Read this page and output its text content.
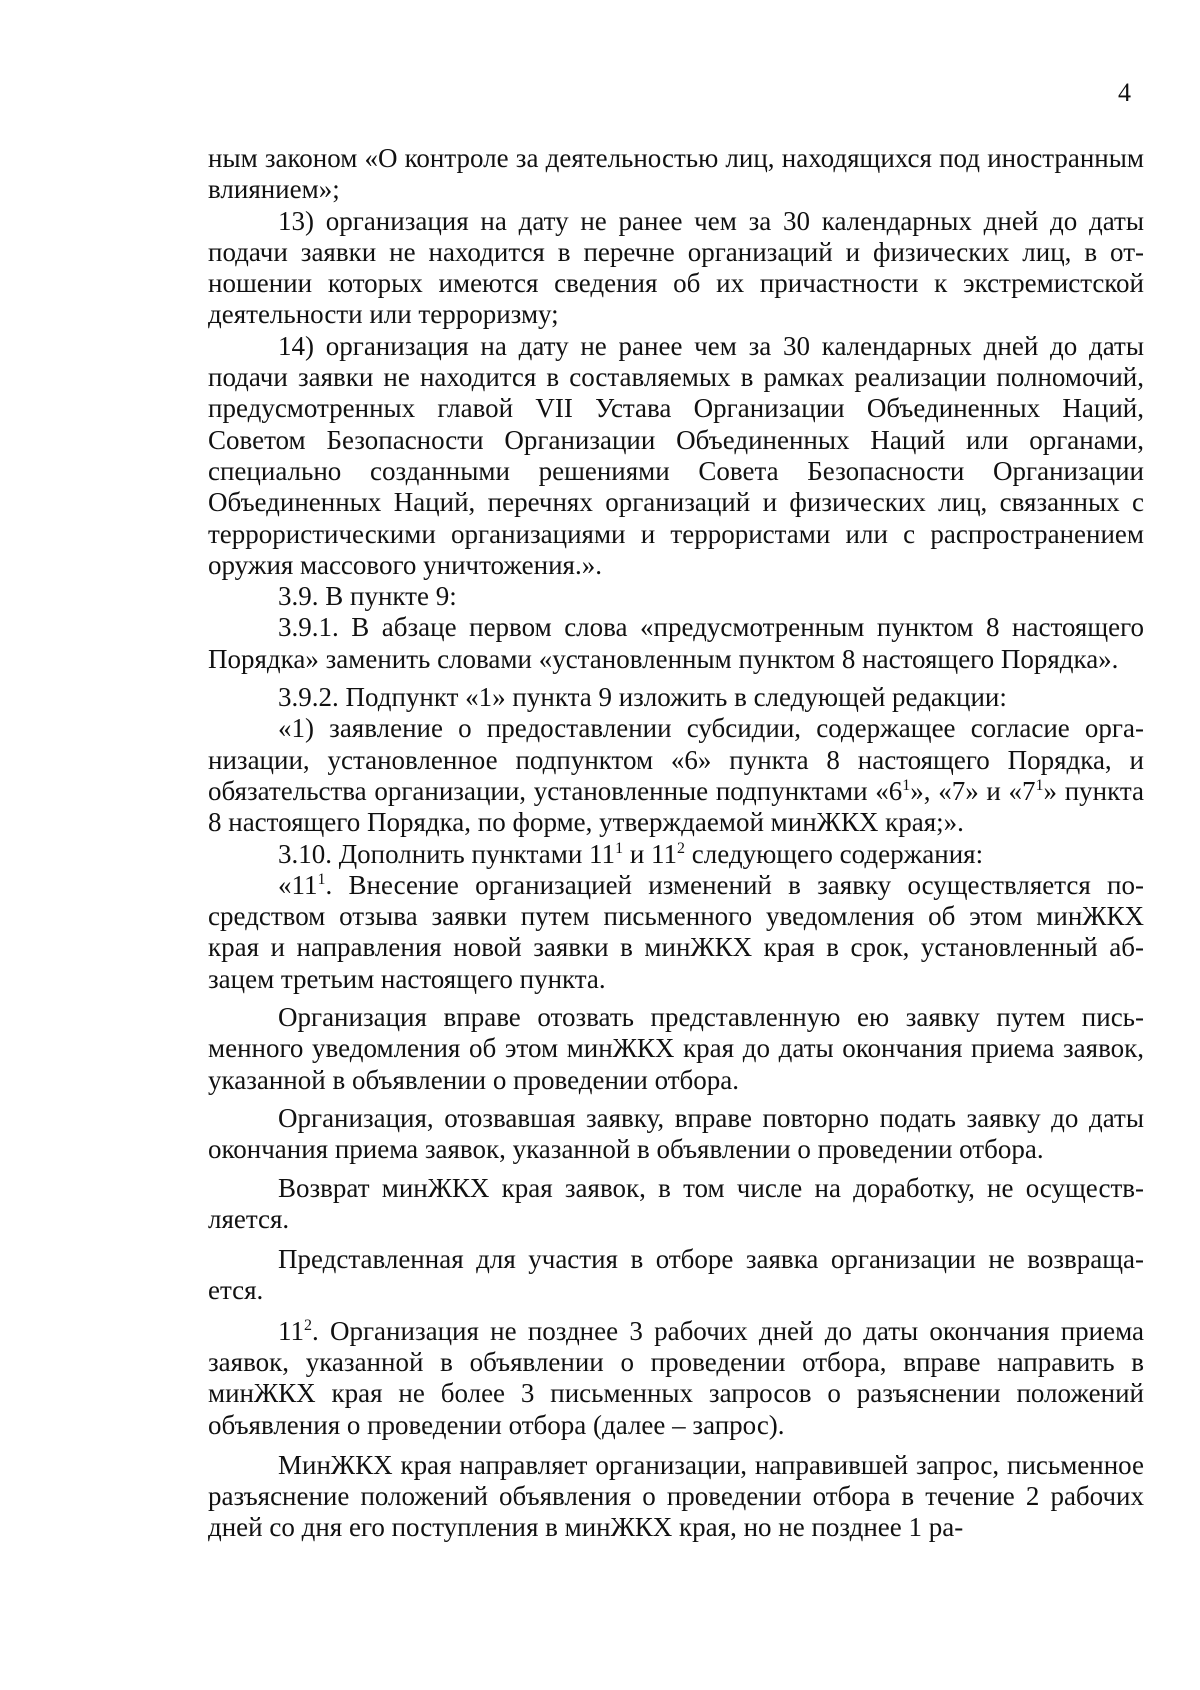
4

ным законом «О контроле за деятельностью лиц, находящихся под иностранным влиянием»;

13) организация на дату не ранее чем за 30 календарных дней до даты подачи заявки не находится в перечне организаций и физических лиц, в отношении которых имеются сведения об их причастности к экстремистской деятельности или терроризму;

14) организация на дату не ранее чем за 30 календарных дней до даты подачи заявки не находится в составляемых в рамках реализации полномочий, предусмотренных главой VII Устава Организации Объединенных Наций, Советом Безопасности Организации Объединенных Наций или органами, специально созданными решениями Совета Безопасности Организации Объединенных Наций, перечнях организаций и физических лиц, связанных с террористическими организациями и террористами или с распространением оружия массового уничтожения.».

3.9. В пункте 9:

3.9.1. В абзаце первом слова «предусмотренным пунктом 8 настоящего Порядка» заменить словами «установленным пунктом 8 настоящего Порядка».

3.9.2. Подпункт «1» пункта 9 изложить в следующей редакции:

«1) заявление о предоставлении субсидии, содержащее согласие организации, установленное подпунктом «6» пункта 8 настоящего Порядка, и обязательства организации, установленные подпунктами «$6^1$», «7» и «$7^1$» пункта 8 настоящего Порядка, по форме, утверждаемой минЖКХ края;».

3.10. Дополнить пунктами $11^1$ и $11^2$ следующего содержания:

«$11^1$. Внесение организацией изменений в заявку осуществляется посредством отзыва заявки путем письменного уведомления об этом минЖКХ края и направления новой заявки в минЖКХ края в срок, установленный абзацем третьим настоящего пункта.

Организация вправе отозвать представленную ею заявку путем письменного уведомления об этом минЖКХ края до даты окончания приема заявок, указанной в объявлении о проведении отбора.

Организация, отозвавшая заявку, вправе повторно подать заявку до даты окончания приема заявок, указанной в объявлении о проведении отбора.

Возврат минЖКХ края заявок, в том числе на доработку, не осуществляется.

Представленная для участия в отборе заявка организации не возвращается.

$11^2$. Организация не позднее 3 рабочих дней до даты окончания приема заявок, указанной в объявлении о проведении отбора, вправе направить в минЖКХ края не более 3 письменных запросов о разъяснении положений объявления о проведении отбора (далее – запрос).

МинЖКХ края направляет организации, направившей запрос, письменное разъяснение положений объявления о проведении отбора в течение 2 рабочих дней со дня его поступления в минЖКХ края, но не позднее 1 ра-
